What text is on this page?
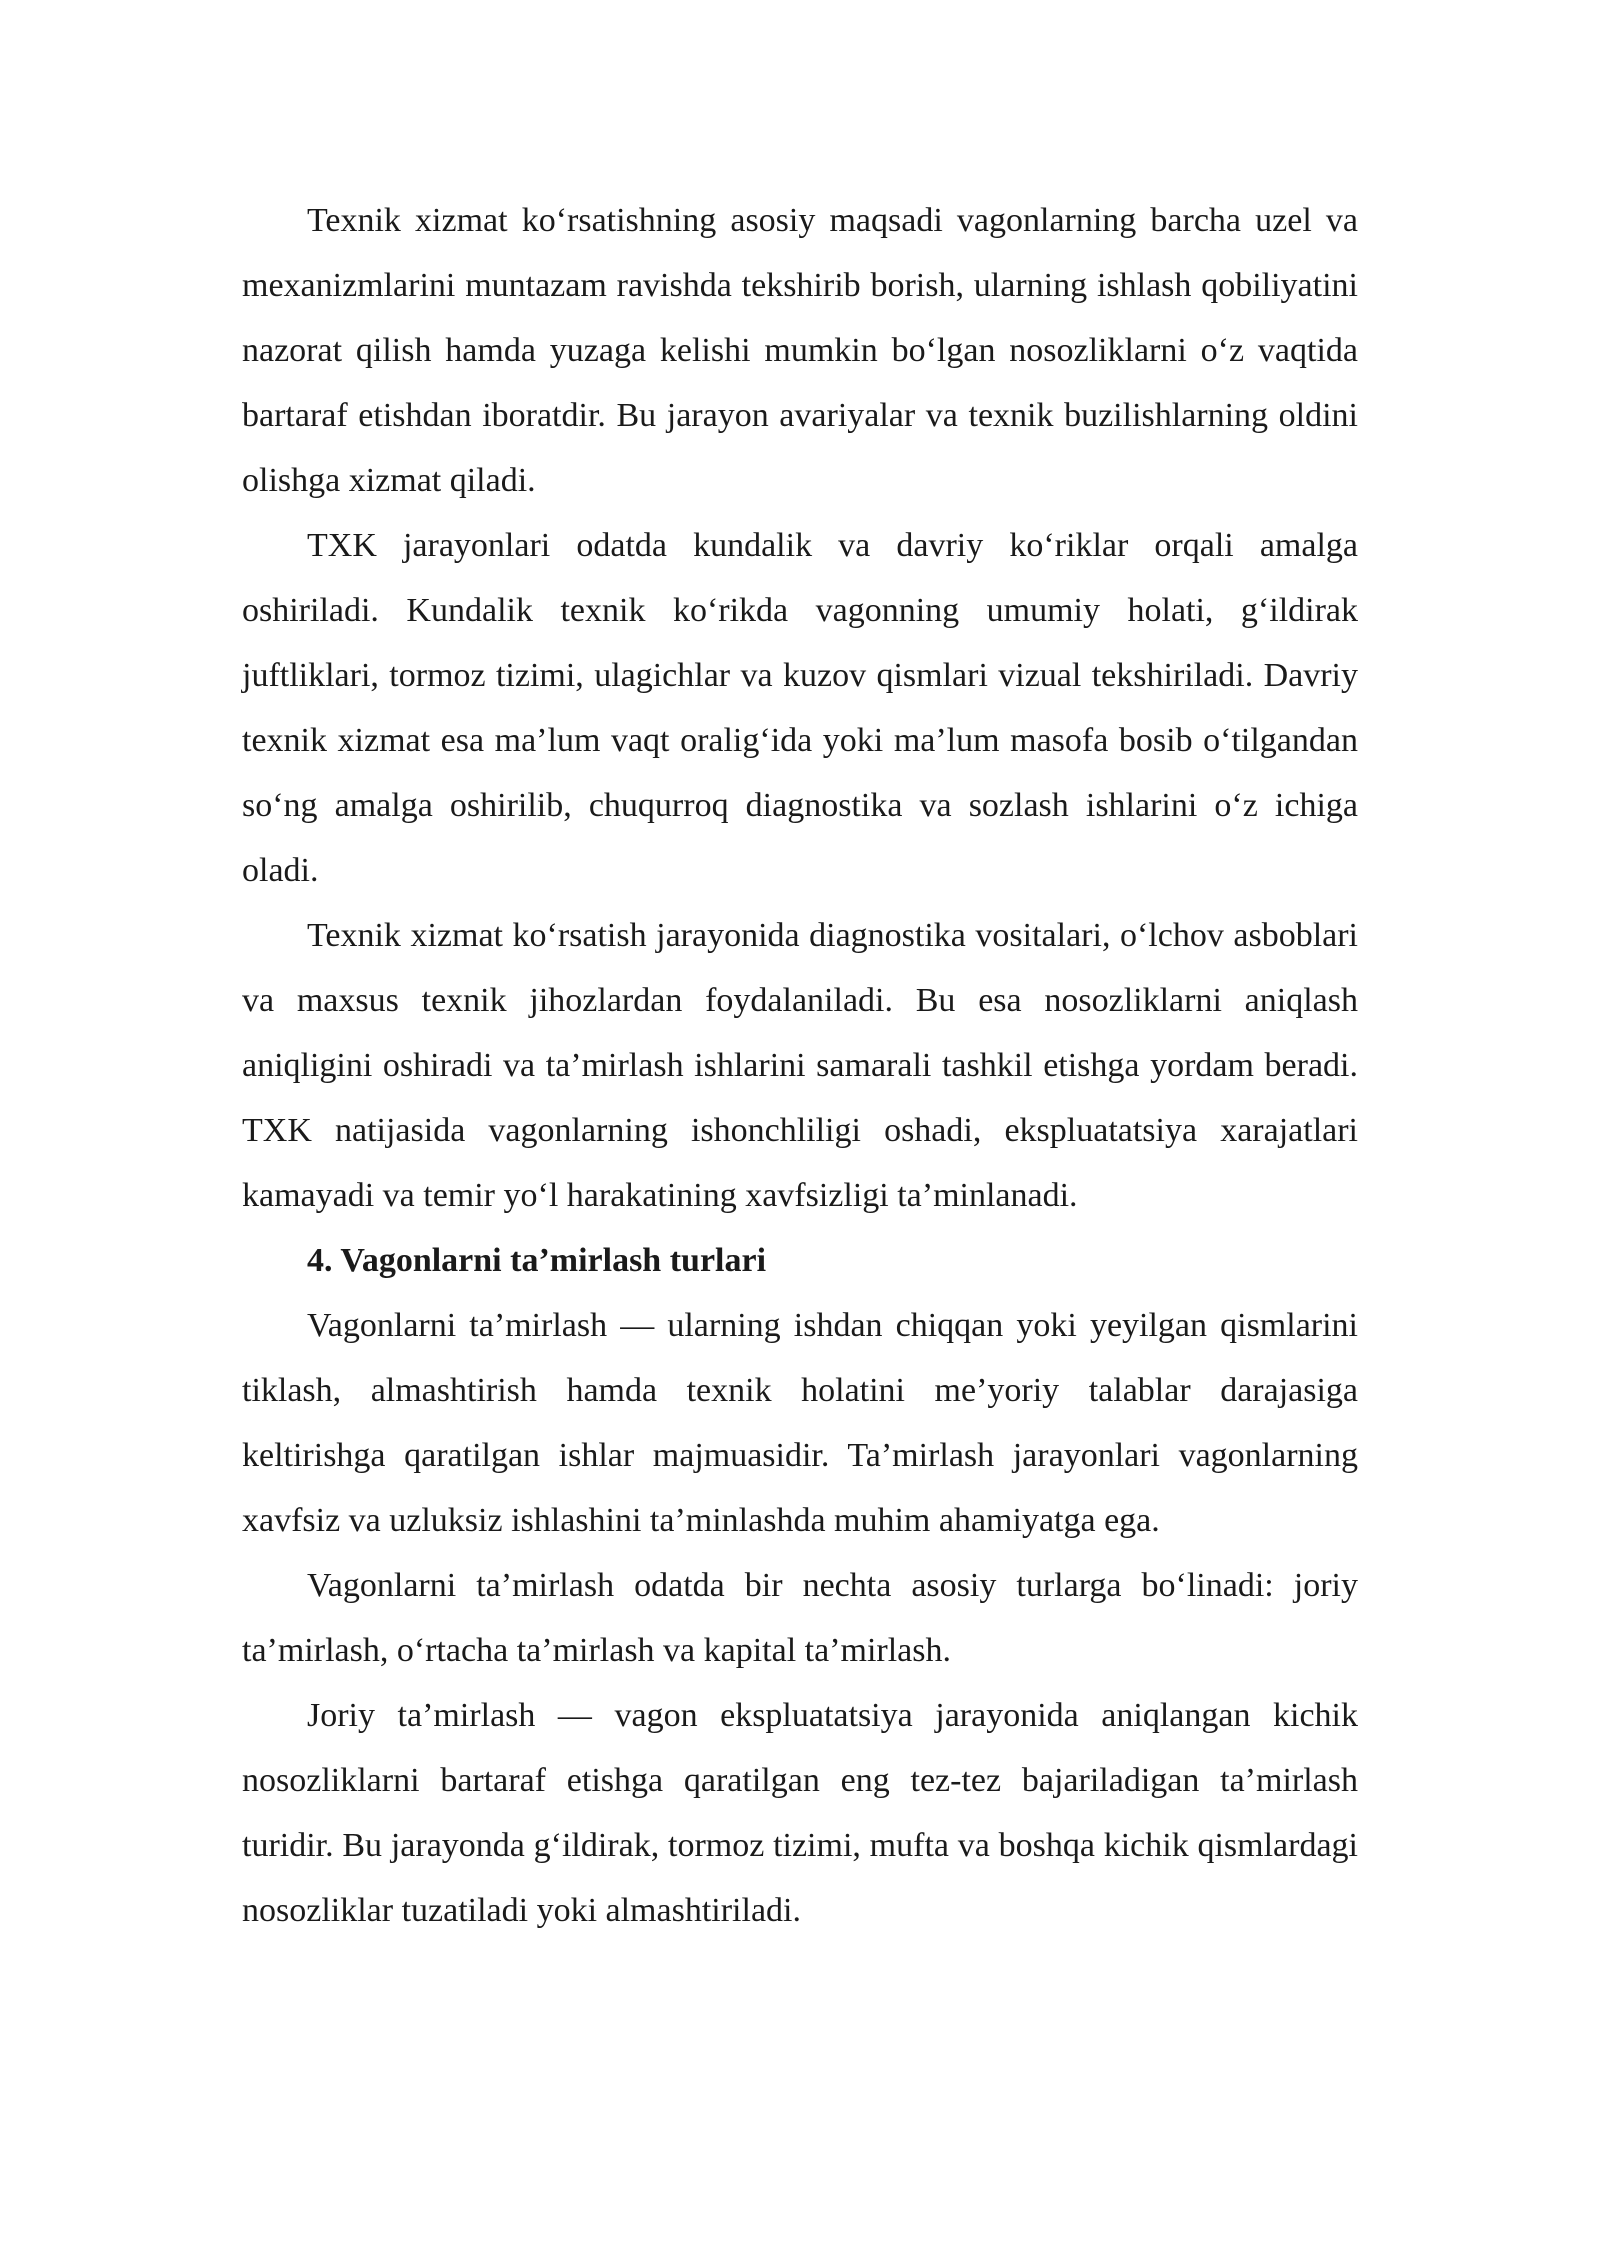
Texnik xizmat ko‘rsatishning asosiy maqsadi vagonlarning barcha uzel va mexanizmlarini muntazam ravishda tekshirib borish, ularning ishlash qobiliyatini nazorat qilish hamda yuzaga kelishi mumkin bo‘lgan nosozliklarni o‘z vaqtida bartaraf etishdan iboratdir. Bu jarayon avariyalar va texnik buzilishlarning oldini olishga xizmat qiladi.

TXK jarayonlari odatda kundalik va davriy ko‘riklar orqali amalga oshiriladi. Kundalik texnik ko‘rikda vagonning umumiy holati, g‘ildirak juftliklari, tormoz tizimi, ulagichlar va kuzov qismlari vizual tekshiriladi. Davriy texnik xizmat esa ma’lum vaqt oralig‘ida yoki ma’lum masofa bosib o‘tilgandan so‘ng amalga oshirilib, chuqurroq diagnostika va sozlash ishlarini o‘z ichiga oladi.

Texnik xizmat ko‘rsatish jarayonida diagnostika vositalari, o‘lchov asboblari va maxsus texnik jihozlardan foydalaniladi. Bu esa nosozliklarni aniqlash aniqligini oshiradi va ta’mirlash ishlarini samarali tashkil etishga yordam beradi. TXK natijasida vagonlarning ishonchliligi oshadi, ekspluatatsiya xarajatlari kamayadi va temir yo‘l harakatining xavfsizligi ta’minlanadi.

4. Vagonlarni ta’mirlash turlari

Vagonlarni ta’mirlash — ularning ishdan chiqqan yoki yeyilgan qismlarini tiklash, almashtirish hamda texnik holatini me’yoriy talablar darajasiga keltirishga qaratilgan ishlar majmuasidir. Ta’mirlash jarayonlari vagonlarning xavfsiz va uzluksiz ishlashini ta’minlashda muhim ahamiyatga ega.

Vagonlarni ta’mirlash odatda bir nechta asosiy turlarga bo‘linadi: joriy ta’mirlash, o‘rtacha ta’mirlash va kapital ta’mirlash.

Joriy ta’mirlash — vagon ekspluatatsiya jarayonida aniqlangan kichik nosozliklarni bartaraf etishga qaratilgan eng tez-tez bajariladigan ta’mirlash turidir. Bu jarayonda g‘ildirak, tormoz tizimi, mufta va boshqa kichik qismlardagi nosozliklar tuzatiladi yoki almashtiriladi.
